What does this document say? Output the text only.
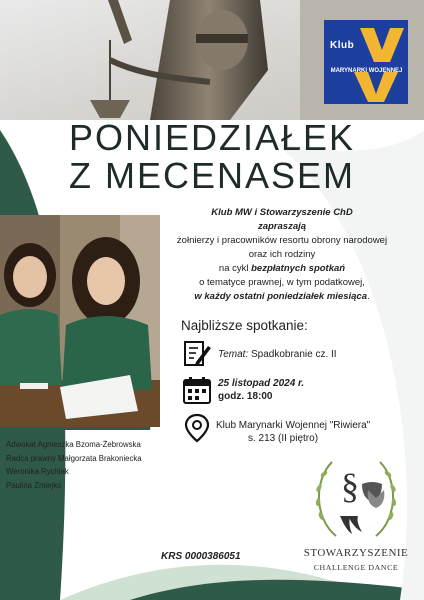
Klub
MARYNARKI WOJENNEJ
PONIEDZIAŁEK
Z MECENASEM
Klub MW i Stowarzyszenie ChD
zapraszają
żołnierzy i pracowników resortu obrony narodowej
oraz ich rodziny
na cykl bezpłatnych spotkań
o tematyce prawnej, w tym podatkowej,
w każdy ostatni poniedziałek miesiąca.
Najbliższe spotkanie:
Temat: Spadkobranie cz. II
25 listopad 2024 r.
godz. 18:00
Klub Marynarki Wojennej "Riwiera"
s. 213 (II piętro)
Adwokat Agnieszka Bzoma-Żebrowska
Radca prawny Małgorzata Brakoniecka
Weronika Rychlak
Paulina Żmiejko
KRS 0000386051
§
STOWARZYSZENIE
CHALLENGE DANCE
